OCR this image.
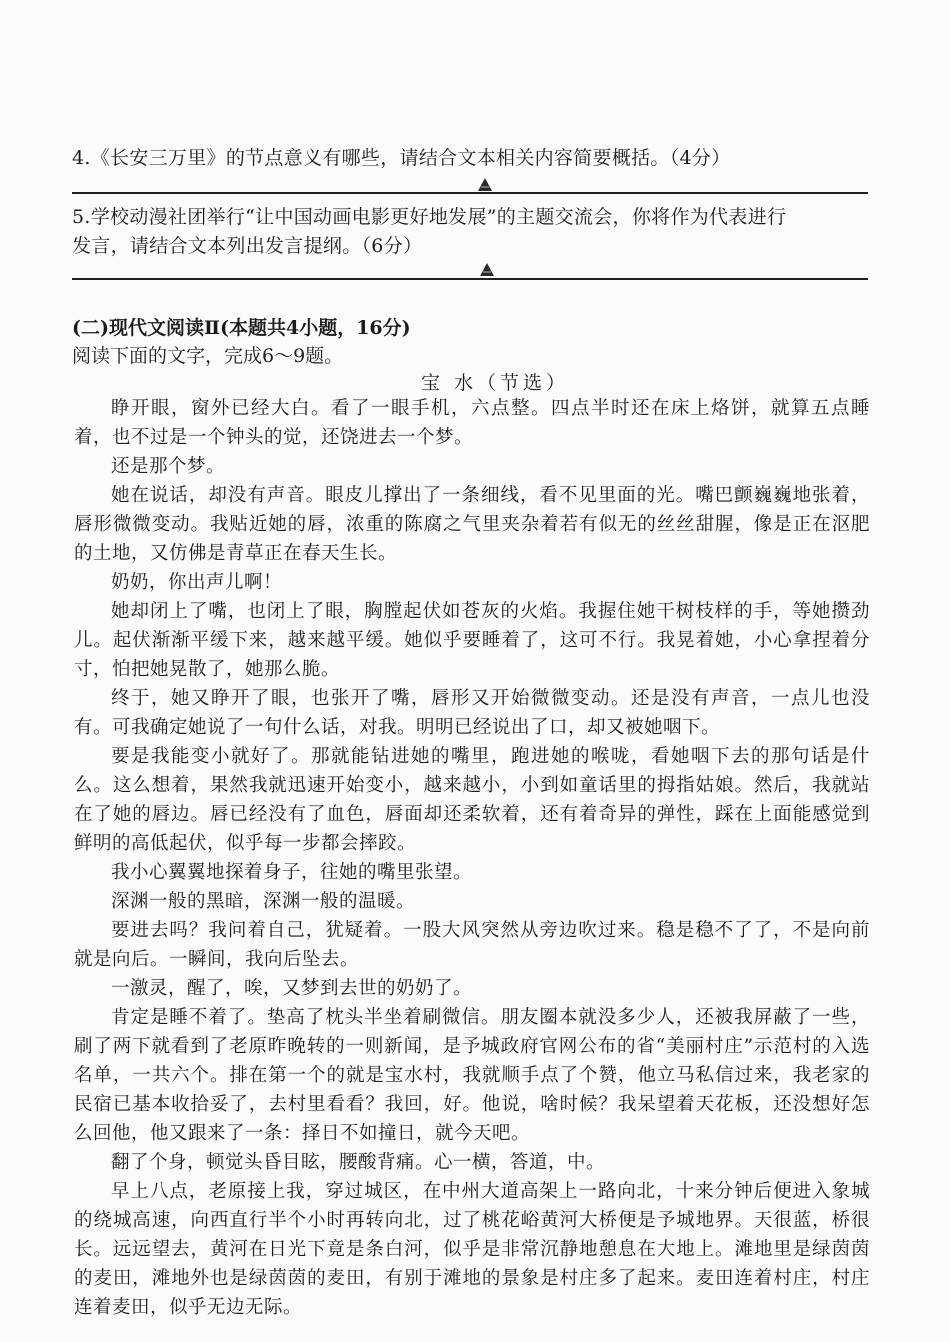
4.《长安三万里》的节点意义有哪些，请结合文本相关内容简要概括。（4分）
5.学校动漫社团举行“让中国动画电影更好地发展”的主题交流会，你将作为代表进行
发言，请结合文本列出发言提纲。（6分）
(二)现代文阅读Ⅱ(本题共4小题，16分)
阅读下面的文字，完成6～9题。
宝 水（节选）

睁开眼，窗外已经大白。看了一眼手机，六点整。四点半时还在床上烙饼，就算五点睡着，也不过是一个钟头的觉，还饶进去一个梦。

还是那个梦。

她在说话，却没有声音。眼皮儿撑出了一条细线，看不见里面的光。嘴巴颤巍巍地张着，唇形微微变动。我贴近她的唇，浓重的陈腐之气里夹杂着若有似无的丝丝甜腥，像是正在沤肥的土地，又仿佛是青草正在春天生长。

奶奶，你出声儿啊！

她却闭上了嘴，也闭上了眼，胸膛起伏如苍灰的火焰。我握住她干树枝样的手，等她攒劲儿。起伏渐渐平缓下来，越来越平缓。她似乎要睡着了，这可不行。我晃着她，小心拿捏着分寸，怕把她晃散了，她那么脆。

终于，她又睁开了眼，也张开了嘴，唇形又开始微微变动。还是没有声音，一点儿也没有。可我确定她说了一句什么话，对我。明明已经说出了口，却又被她咽下。

要是我能变小就好了。那就能钻进她的嘴里，跑进她的喉咙，看她咽下去的那句话是什么。这么想着，果然我就迅速开始变小，越来越小，小到如童话里的拇指姑娘。然后，我就站在了她的唇边。唇已经没有了血色，唇面却还柔软着，还有着奇异的弹性，踩在上面能感觉到鲜明的高低起伏，似乎每一步都会摔跤。

我小心翼翼地探着身子，往她的嘴里张望。

深渊一般的黑暗，深渊一般的温暖。

要进去吗？我问着自己，犹疑着。一股大风突然从旁边吹过来。稳是稳不了了，不是向前就是向后。一瞬间，我向后坠去。

一激灵，醒了，唉，又梦到去世的奶奶了。

肯定是睡不着了。垫高了枕头半坐着刷微信。朋友圈本就没多少人，还被我屏蔽了一些，刷了两下就看到了老原昨晚转的一则新闻，是予城政府官网公布的省“美丽村庄”示范村的入选名单，一共六个。排在第一个的就是宝水村，我就顺手点了个赞，他立马私信过来，我老家的民宿已基本收拾妥了，去村里看看？我回，好。他说，啥时候？我呆望着天花板，还没想好怎么回他，他又跟来了一条：择日不如撞日，就今天吧。

翻了个身，顿觉头昏目眩，腰酸背痛。心一横，答道，中。

早上八点，老原接上我，穿过城区，在中州大道高架上一路向北，十来分钟后便进入象城的绕城高速，向西直行半个小时再转向北，过了桃花峪黄河大桥便是予城地界。天很蓝，桥很长。远远望去，黄河在日光下竟是条白河，似乎是非常沉静地憩息在大地上。滩地里是绿茵茵的麦田，滩地外也是绿茵茵的麦田，有别于滩地的景象是村庄多了起来。麦田连着村庄，村庄连着麦田，似乎无边无际。
